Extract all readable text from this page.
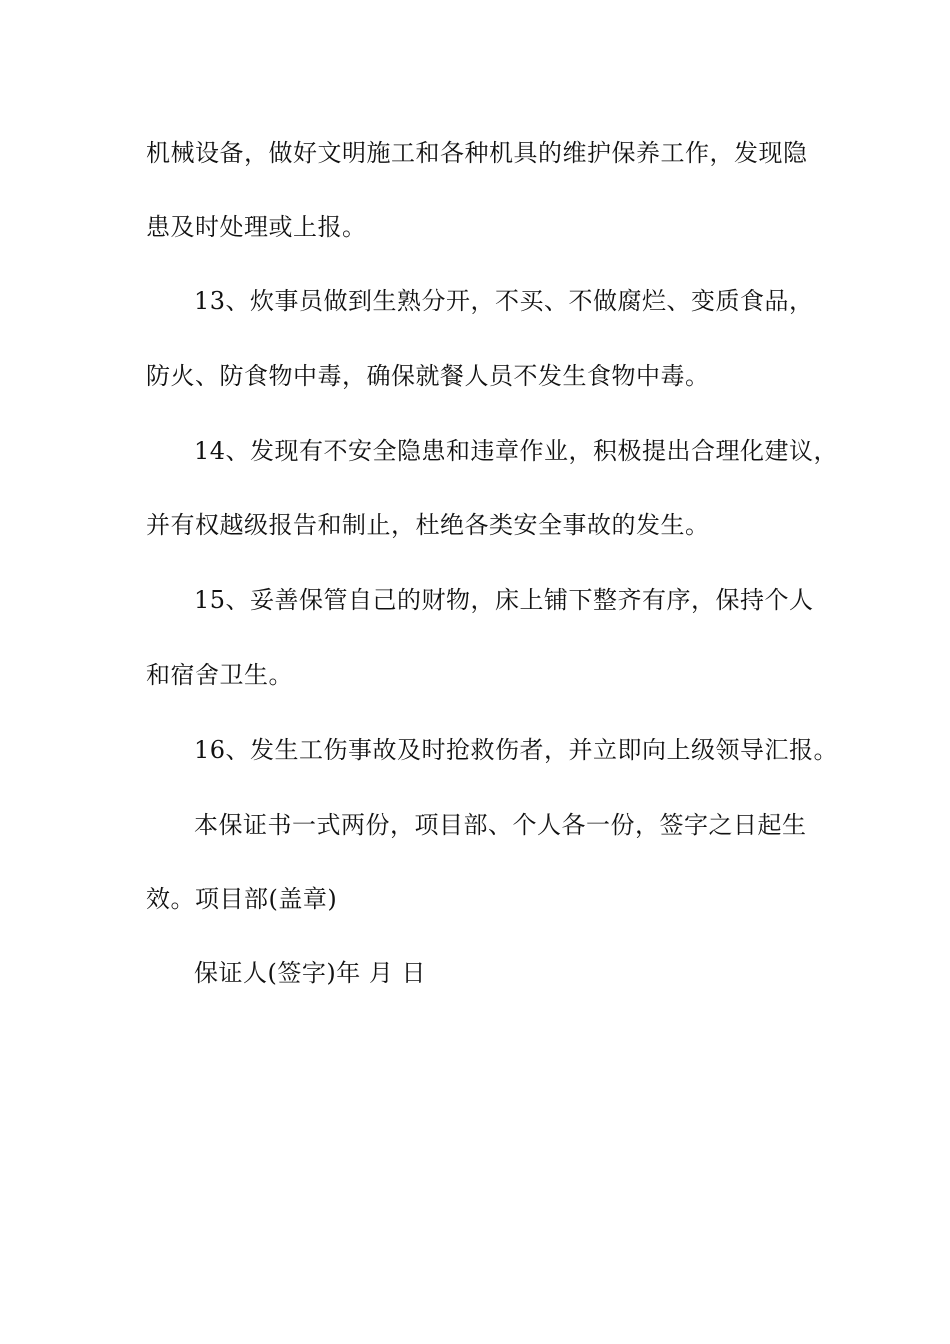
机械设备，做好文明施工和各种机具的维护保养工作，发现隐
患及时处理或上报。
13、炊事员做到生熟分开，不买、不做腐烂、变质食品，
防火、防食物中毒，确保就餐人员不发生食物中毒。
14、发现有不安全隐患和违章作业，积极提出合理化建议，
并有权越级报告和制止，杜绝各类安全事故的发生。
15、妥善保管自己的财物，床上铺下整齐有序，保持个人
和宿舍卫生。
16、发生工伤事故及时抢救伤者，并立即向上级领导汇报。
本保证书一式两份，项目部、个人各一份，签字之日起生
效。项目部(盖章)
保证人(签字)年 月 日
